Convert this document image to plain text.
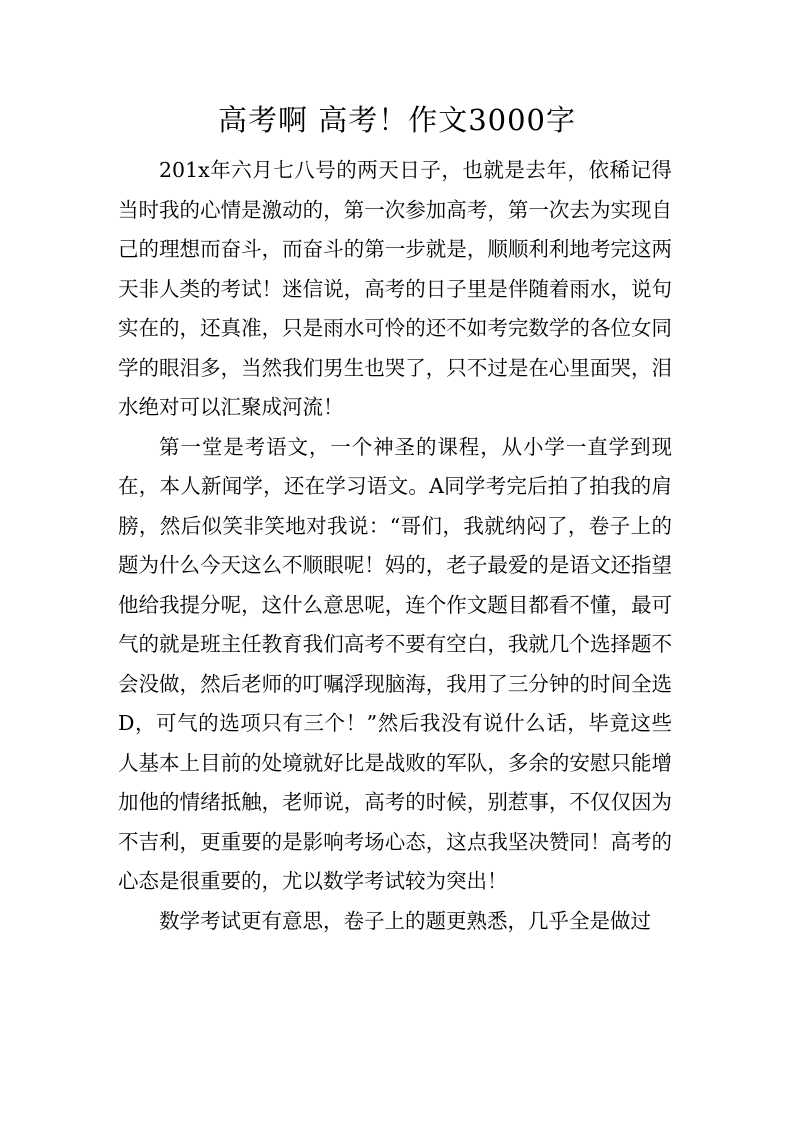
高考啊 高考！作文3000字

201x年六月七八号的两天日子，也就是去年，依稀记得当时我的心情是激动的，第一次参加高考，第一次去为实现自己的理想而奋斗，而奋斗的第一步就是，顺顺利利地考完这两天非人类的考试！迷信说，高考的日子里是伴随着雨水，说句实在的，还真准，只是雨水可怜的还不如考完数学的各位女同学的眼泪多，当然我们男生也哭了，只不过是在心里面哭，泪水绝对可以汇聚成河流！

第一堂是考语文，一个神圣的课程，从小学一直学到现在，本人新闻学，还在学习语文。A同学考完后拍了拍我的肩膀，然后似笑非笑地对我说：“哥们，我就纳闷了，卷子上的题为什么今天这么不顺眼呢！妈的，老子最爱的是语文还指望他给我提分呢，这什么意思呢，连个作文题目都看不懂，最可气的就是班主任教育我们高考不要有空白，我就几个选择题不会没做，然后老师的叮嘱浮现脑海，我用了三分钟的时间全选D，可气的选项只有三个！”然后我没有说什么话，毕竟这些人基本上目前的处境就好比是战败的军队，多余的安慰只能增加他的情绪抵触，老师说，高考的时候，别惹事，不仅仅因为不吉利，更重要的是影响考场心态，这点我坚决赞同！高考的心态是很重要的，尤以数学考试较为突出！

数学考试更有意思，卷子上的题更熟悉，几乎全是做过
